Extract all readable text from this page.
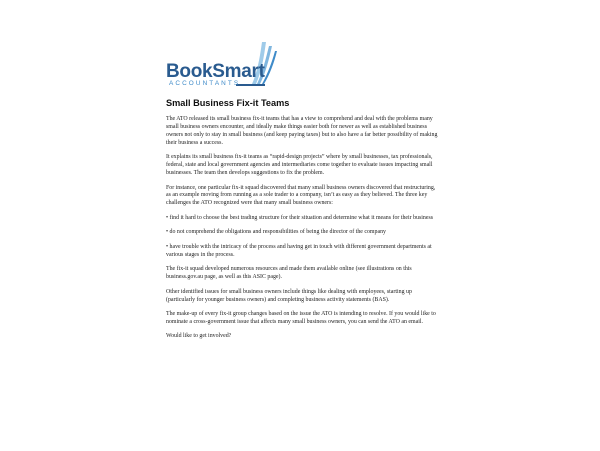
BookSmart
ACCOUNTANTS
Small Business Fix-it Teams

The ATO released its small business fix-it teams that has a view to comprehend and deal with the problems many small business owners encounter, and ideally make things easier both for newer as well as established business owners not only to stay in small business (and keep paying taxes) but to also have a far better possibility of making their business a success.

It explains its small business fix-it teams as “rapid-design projects” where by small businesses, tax professionals, federal, state and local government agencies and intermediaries come together to evaluate issues impacting small businesses. The team then develops suggestions to fix the problem.

For instance, one particular fix-it squad discovered that many small business owners discovered that restructuring, as an example moving from running as a sole trader to a company, isn’t as easy as they believed. The three key challenges the ATO recognized were that many small business owners:

• find it hard to choose the best trading structure for their situation and determine what it means for their business

• do not comprehend the obligations and responsibilities of being the director of the company

• have trouble with the intricacy of the process and having get in touch with different government departments at various stages in the process.

The fix-it squad developed numerous resources and made them available online (see illustrations on this business.gov.au page, as well as this ASIC page).

Other identified issues for small business owners include things like dealing with employees, starting up (particularly for younger business owners) and completing business activity statements (BAS).

The make-up of every fix-it group changes based on the issue the ATO is intending to resolve. If you would like to nominate a cross-government issue that affects many small business owners, you can send the ATO an email.

Would like to get involved?
